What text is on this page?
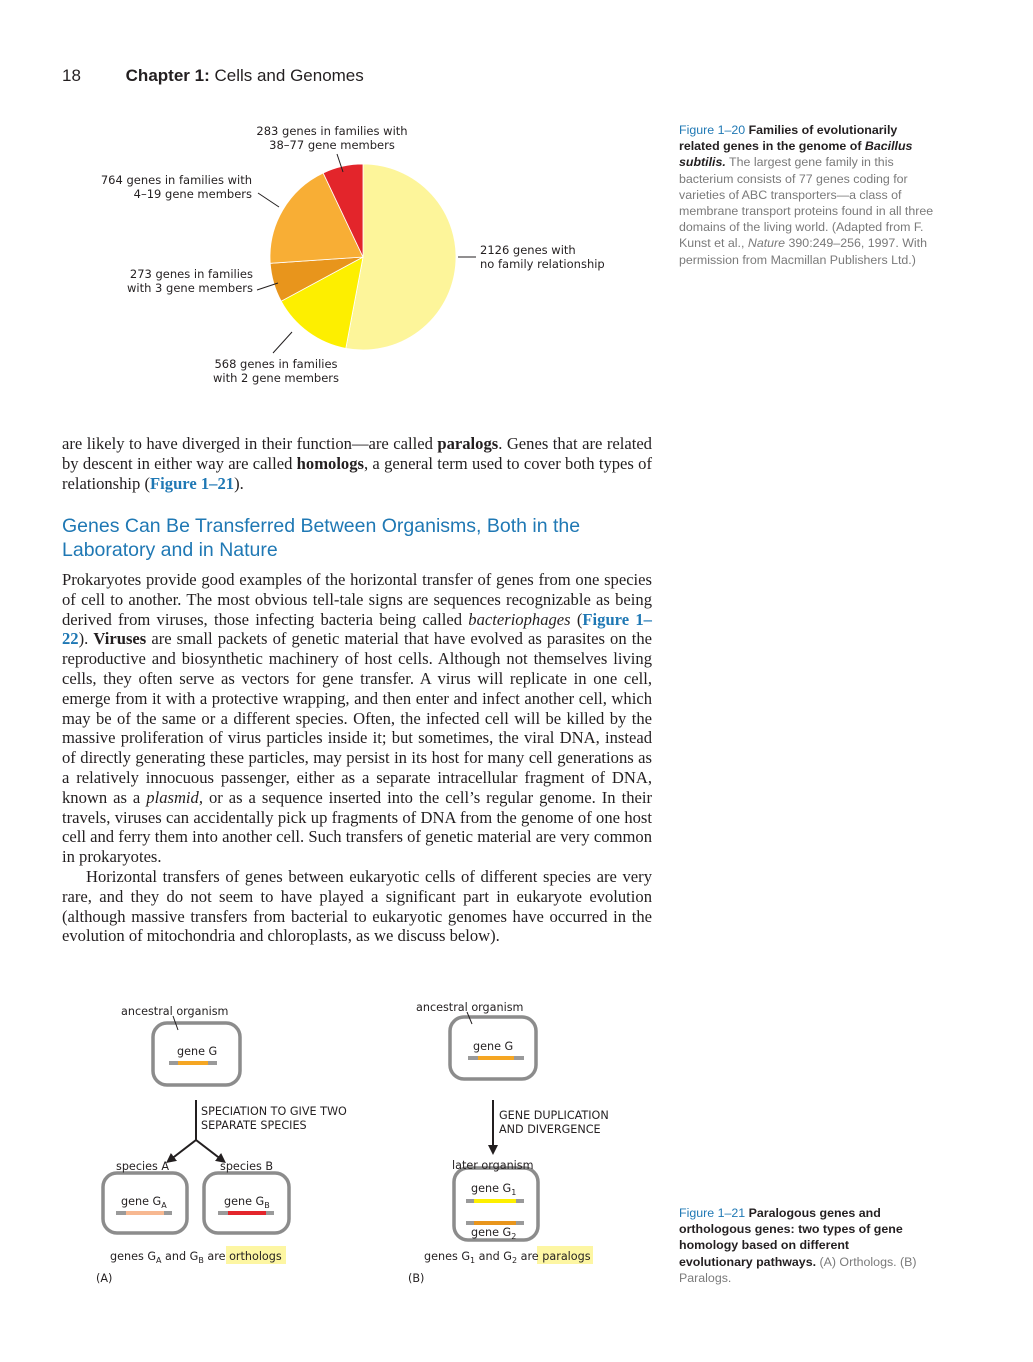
18	Chapter 1: Cells and Genomes
2126 genes with
no family relationship
568 genes in families
with 2 gene members
273 genes in families
with 3 gene members
764 genes in families with
4–19 gene members
283 genes in families with
38–77 gene members
Figure 1–20 Families of evolutionarily related genes in the genome of Bacillus subtilis. The largest gene family in this bacterium consists of 77 genes coding for varieties of ABC transporters—a class of membrane transport proteins found in all three domains of the living world. (Adapted from F. Kunst et al., Nature 390:249–256, 1997. With permission from Macmillan Publishers Ltd.)

are likely to have diverged in their function—are called paralogs. Genes that are related by descent in either way are called homologs, a general term used to cover both types of relationship (Figure 1–21).

Genes Can Be Transferred Between Organisms, Both in the Laboratory and in Nature

Prokaryotes provide good examples of the horizontal transfer of genes from one species of cell to another. The most obvious tell-tale signs are sequences recognizable as being derived from viruses, those infecting bacteria being called bacteriophages (Figure 1–22). Viruses are small packets of genetic material that have evolved as parasites on the reproductive and biosynthetic machinery of host cells. Although not themselves living cells, they often serve as vectors for gene transfer. A virus will replicate in one cell, emerge from it with a protective wrapping, and then enter and infect another cell, which may be of the same or a different species. Often, the infected cell will be killed by the massive proliferation of virus particles inside it; but sometimes, the viral DNA, instead of directly generating these particles, may persist in its host for many cell generations as a relatively innocuous passenger, either as a separate intracellular fragment of DNA, known as a plasmid, or as a sequence inserted into the cell’s regular genome. In their travels, viruses can accidentally pick up fragments of DNA from the genome of one host cell and ferry them into another cell. Such transfers of genetic material are very common in prokaryotes.

Horizontal transfers of genes between eukaryotic cells of different species are very rare, and they do not seem to have played a significant part in eukaryote evolution (although massive transfers from bacterial to eukaryotic genomes have occurred in the evolution of mitochondria and chloroplasts, as we discuss below).

ancestral organism
gene G
SPECIATION TO GIVE TWO
SEPARATE SPECIES
species A	species B
gene $G_A$	gene $G_B$
genes $G_A$ and $G_B$ are orthologs
(A)
ancestral organism
gene G
GENE DUPLICATION
AND DIVERGENCE
later organism
gene $G_1$
gene $G_2$
genes $G_1$ and $G_2$ are paralogs
(B)
Figure 1–21 Paralogous genes and orthologous genes: two types of gene homology based on different evolutionary pathways. (A) Orthologs. (B) Paralogs.
